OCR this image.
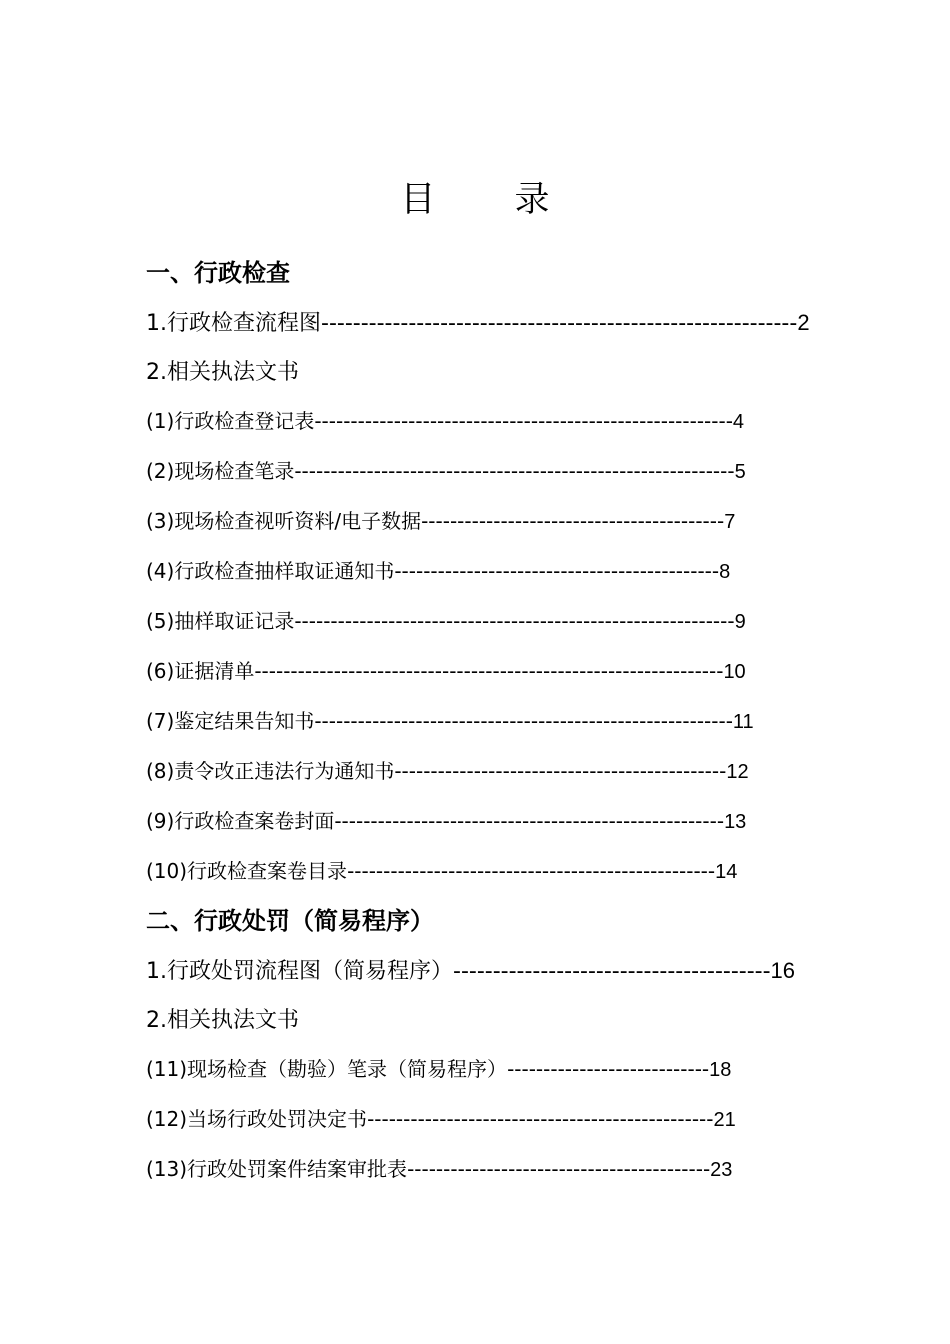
目 录
一、行政检查
1.行政检查流程图------------------------------------------------------------2
2.相关执法文书
(1)行政检查登记表----------------------------------------------------------4
(2)现场检查笔录-------------------------------------------------------------5
(3)现场检查视听资料/电子数据------------------------------------------7
(4)行政检查抽样取证通知书---------------------------------------------8
(5)抽样取证记录-------------------------------------------------------------9
(6)证据清单-----------------------------------------------------------------10
(7)鉴定结果告知书----------------------------------------------------------11
(8)责令改正违法行为通知书----------------------------------------------12
(9)行政检查案卷封面------------------------------------------------------13
(10)行政检查案卷目录---------------------------------------------------14
二、行政处罚（简易程序）
1.行政处罚流程图（简易程序）----------------------------------------16
2.相关执法文书
(11)现场检查（勘验）笔录（简易程序）----------------------------18
(12)当场行政处罚决定书------------------------------------------------21
(13)行政处罚案件结案审批表------------------------------------------23
